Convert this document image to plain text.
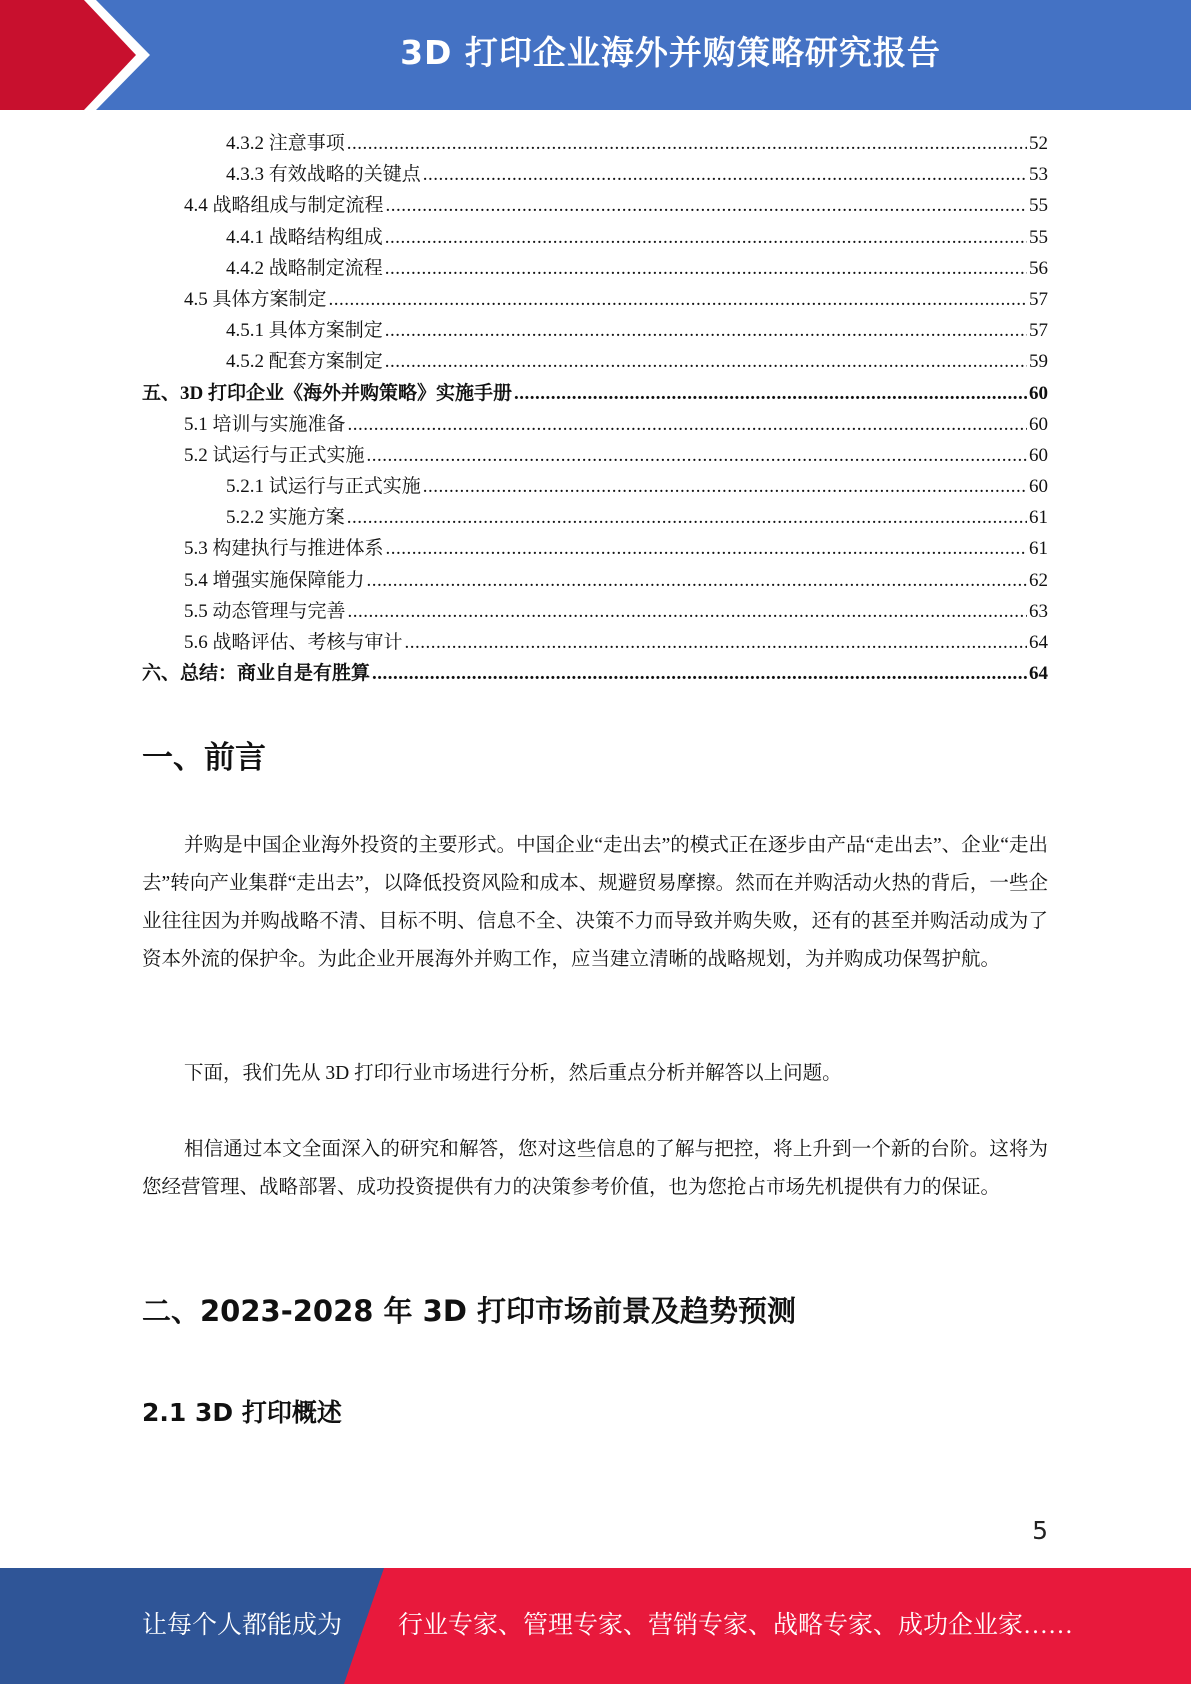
3D 打印企业海外并购策略研究报告
4.3.2 注意事项 .....	52
4.3.3 有效战略的关键点 .....	53
4.4 战略组成与制定流程 .....	55
4.4.1 战略结构组成 .....	55
4.4.2 战略制定流程 .....	56
4.5 具体方案制定 .....	57
4.5.1 具体方案制定 .....	57
4.5.2 配套方案制定 .....	59
五、3D 打印企业《海外并购策略》实施手册 .....	60
5.1 培训与实施准备 .....	60
5.2 试运行与正式实施 .....	60
5.2.1 试运行与正式实施 .....	60
5.2.2 实施方案 .....	61
5.3 构建执行与推进体系 .....	61
5.4 增强实施保障能力 .....	62
5.5 动态管理与完善 .....	63
5.6 战略评估、考核与审计 .....	64
六、总结：商业自是有胜算 .....	64
一、前言

并购是中国企业海外投资的主要形式。中国企业“走出去”的模式正在逐步由产品“走出去”、企业“走出去”转向产业集群“走出去”，以降低投资风险和成本、规避贸易摩擦。然而在并购活动火热的背后，一些企业往往因为并购战略不清、目标不明、信息不全、决策不力而导致并购失败，还有的甚至并购活动成为了资本外流的保护伞。为此企业开展海外并购工作，应当建立清晰的战略规划，为并购成功保驾护航。

下面，我们先从 3D 打印行业市场进行分析，然后重点分析并解答以上问题。

相信通过本文全面深入的研究和解答，您对这些信息的了解与把控，将上升到一个新的台阶。这将为您经营管理、战略部署、成功投资提供有力的决策参考价值，也为您抢占市场先机提供有力的保证。

二、2023-2028 年 3D 打印市场前景及趋势预测
2.1 3D 打印概述
5
让每个人都能成为 行业专家、管理专家、营销专家、战略专家、成功企业家……
